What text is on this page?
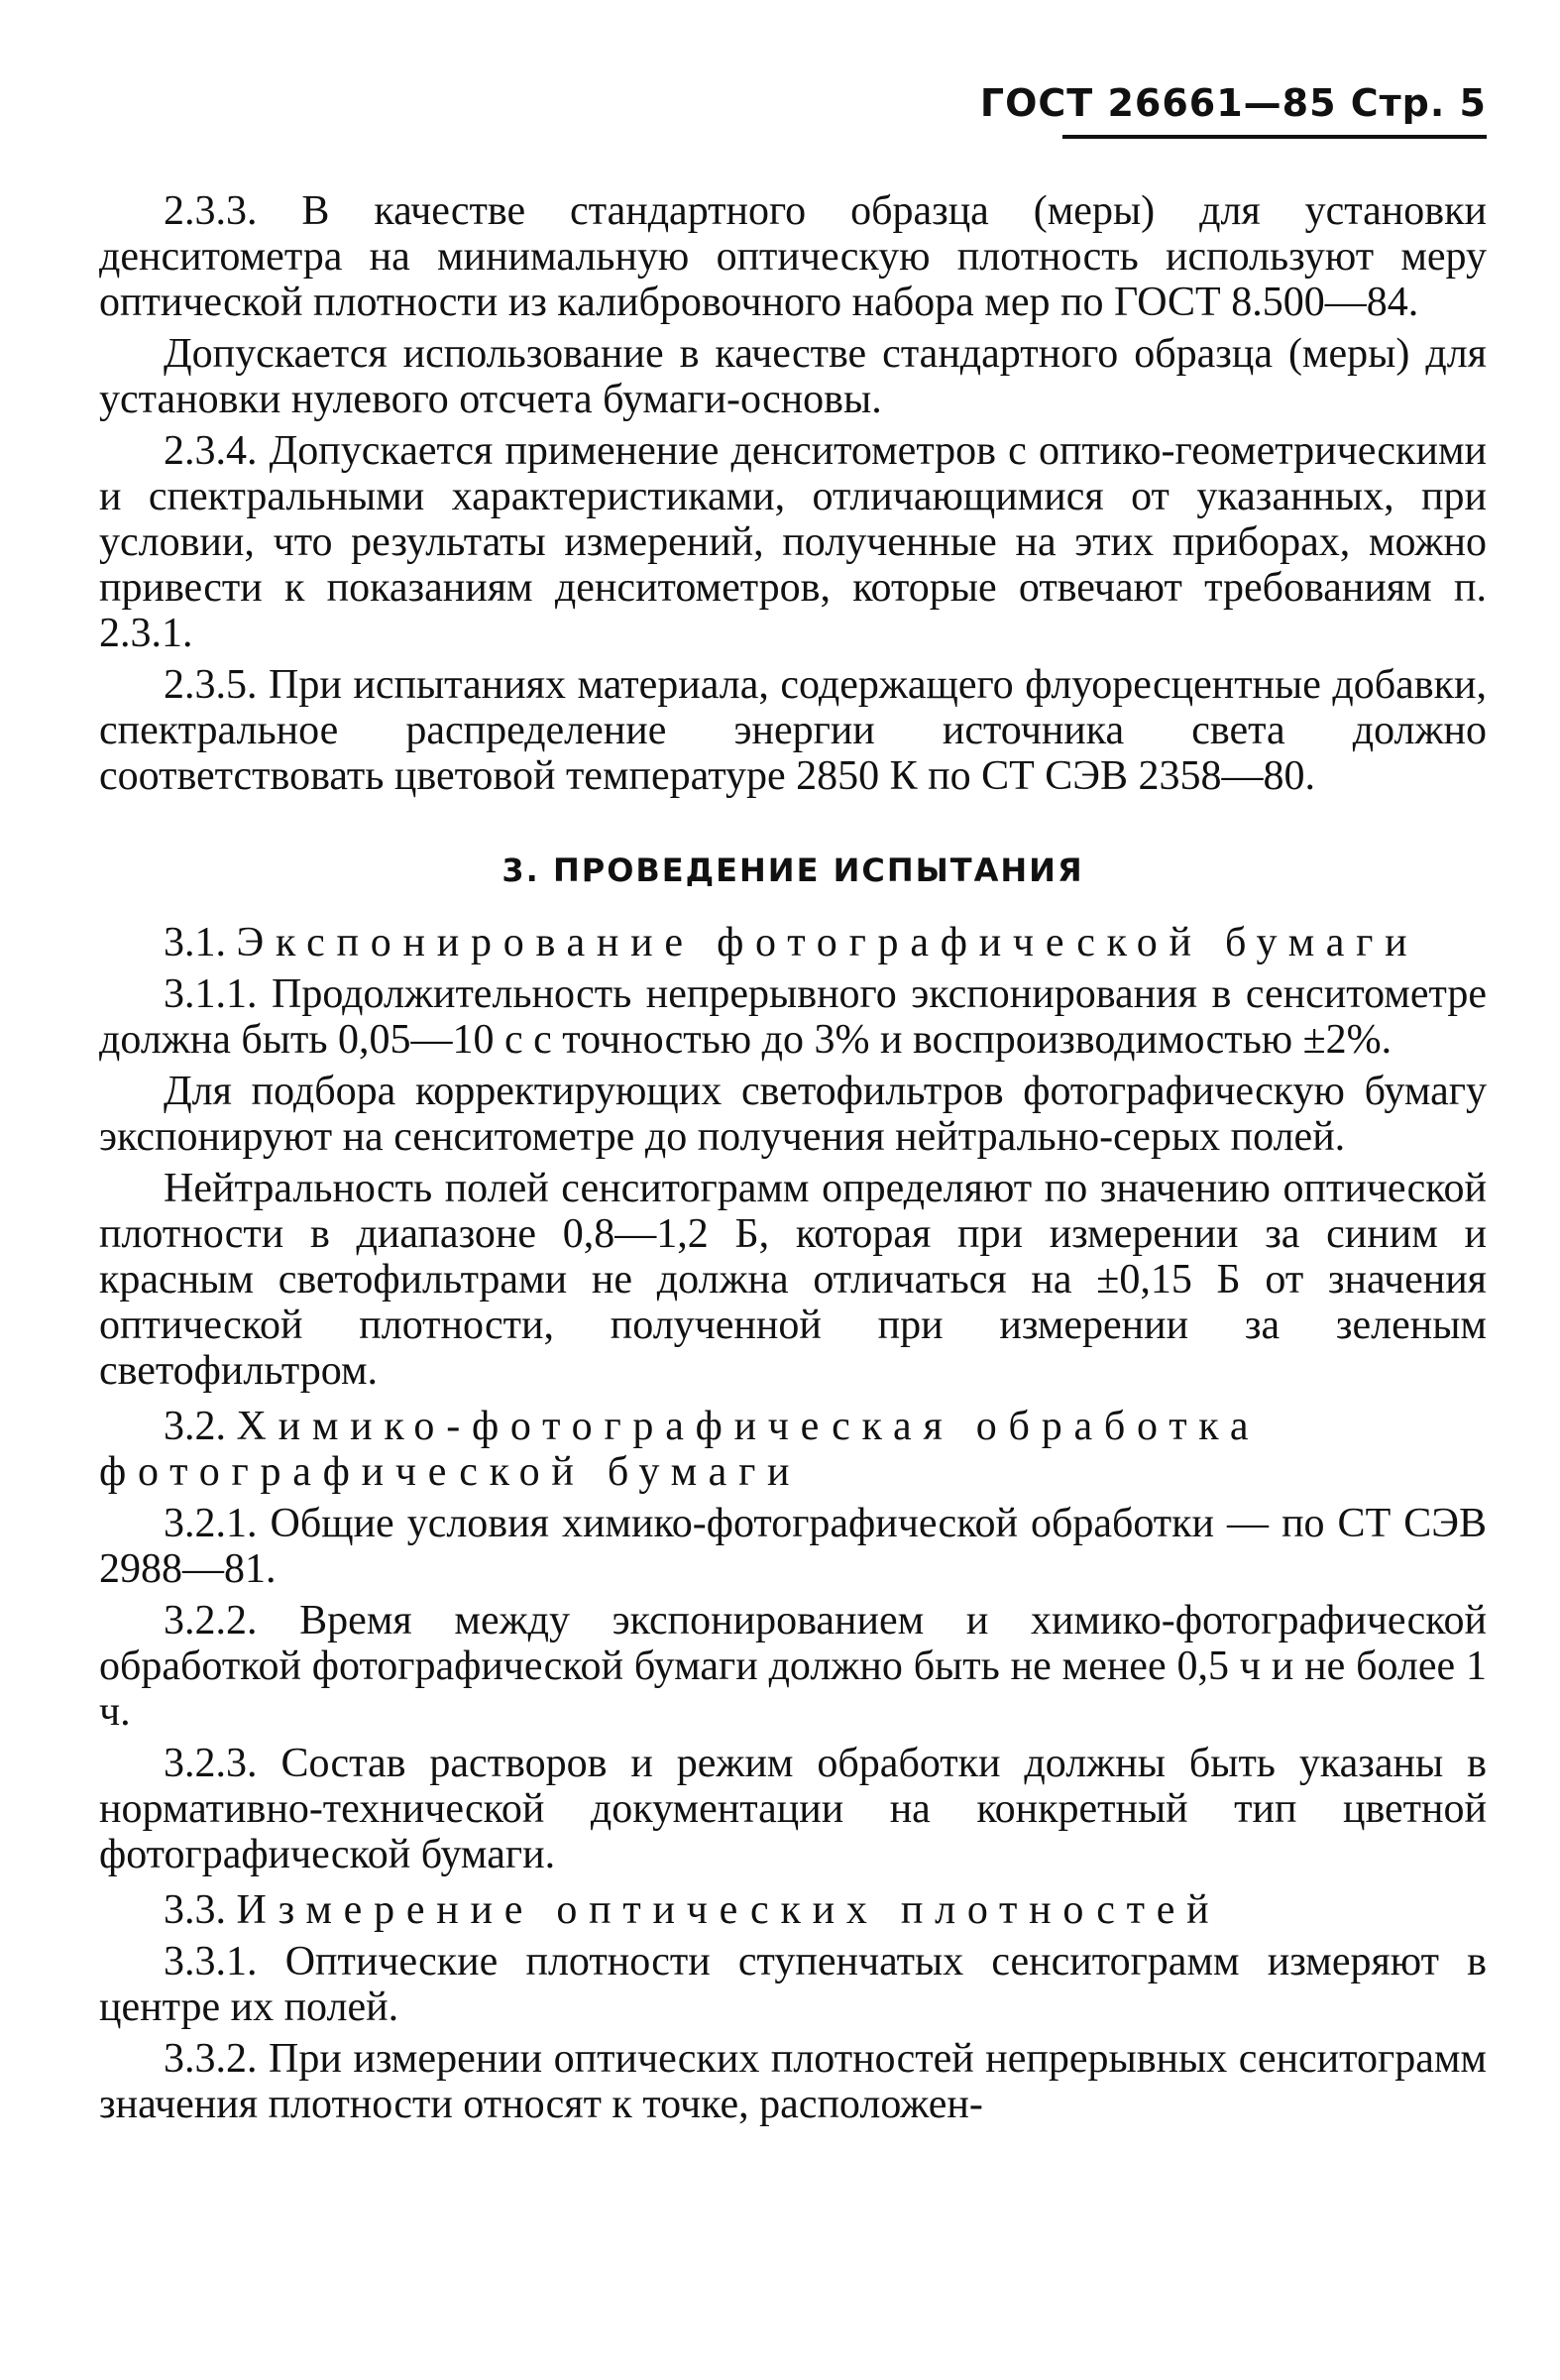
ГОСТ 26661—85 Стр. 5

2.3.3. В качестве стандартного образца (меры) для установки денситометра на минимальную оптическую плотность используют меру оптической плотности из калибровочного набора мер по ГОСТ 8.500—84.

Допускается использование в качестве стандартного образца (меры) для установки нулевого отсчета бумаги-основы.

2.3.4. Допускается применение денситометров с оптико-геометрическими и спектральными характеристиками, отличающимися от указанных, при условии, что результаты измерений, полученные на этих приборах, можно привести к показаниям денситометров, которые отвечают требованиям п. 2.3.1.

2.3.5. При испытаниях материала, содержащего флуоресцентные добавки, спектральное распределение энергии источника света должно соответствовать цветовой температуре 2850 К по СТ СЭВ 2358—80.

3. ПРОВЕДЕНИЕ ИСПЫТАНИЯ

3.1. Экспонирование фотографической бумаги

3.1.1. Продолжительность непрерывного экспонирования в сенситометре должна быть 0,05—10 с с точностью до 3% и воспроизводимостью ±2%.

Для подбора корректирующих светофильтров фотографическую бумагу экспонируют на сенситометре до получения нейтрально-серых полей.

Нейтральность полей сенситограмм определяют по значению оптической плотности в диапазоне 0,8—1,2 Б, которая при измерении за синим и красным светофильтрами не должна отличаться на ±0,15 Б от значения оптической плотности, полученной при измерении за зеленым светофильтром.

3.2. Химико-фотографическая обработка фотографической бумаги

3.2.1. Общие условия химико-фотографической обработки — по СТ СЭВ 2988—81.

3.2.2. Время между экспонированием и химико-фотографической обработкой фотографической бумаги должно быть не менее 0,5 ч и не более 1 ч.

3.2.3. Состав растворов и режим обработки должны быть указаны в нормативно-технической документации на конкретный тип цветной фотографической бумаги.

3.3. Измерение оптических плотностей

3.3.1. Оптические плотности ступенчатых сенситограмм измеряют в центре их полей.

3.3.2. При измерении оптических плотностей непрерывных сенситограмм значения плотности относят к точке, расположен-
